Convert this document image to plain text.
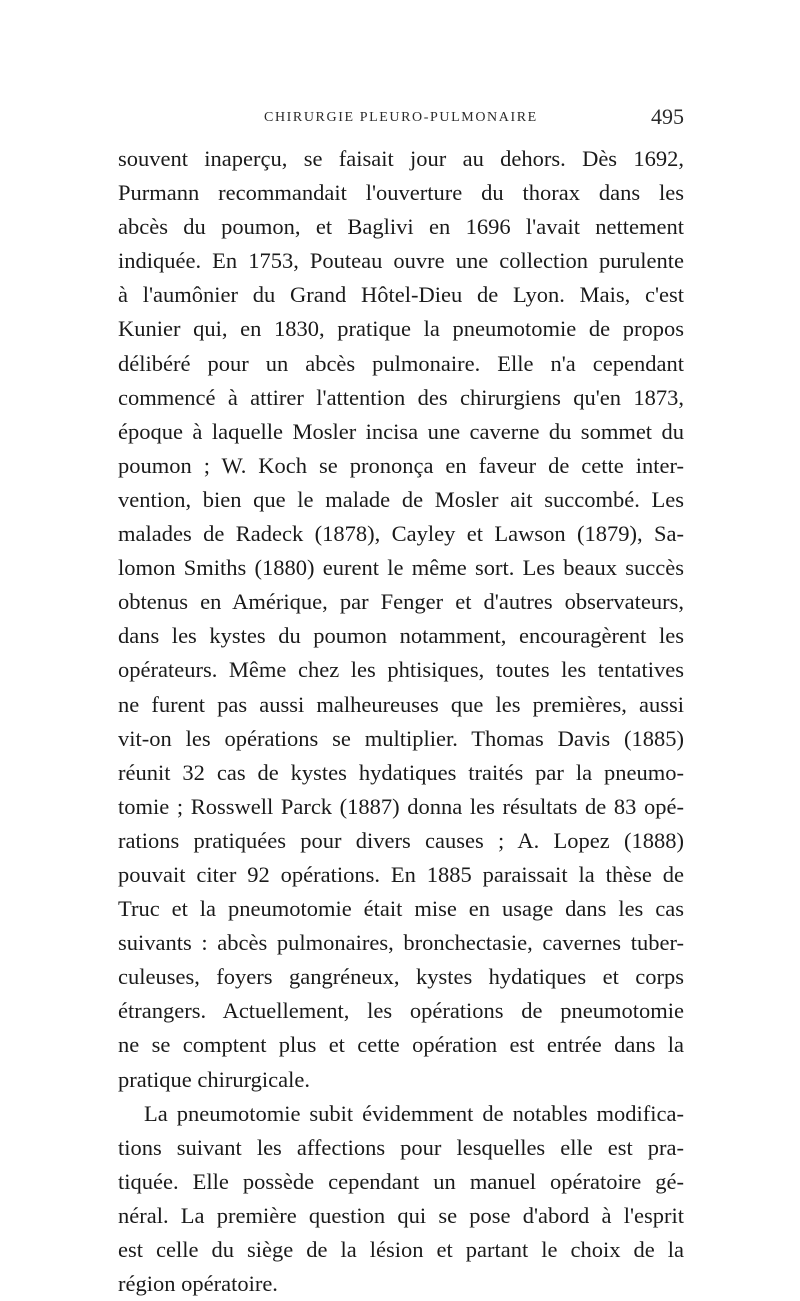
CHIRURGIE PLEURO-PULMONAIRE	495
souvent inaperçu, se faisait jour au dehors. Dès 1692,
Purmann recommandait l'ouverture du thorax dans les
abcès du poumon, et Baglivi en 1696 l'avait nettement
indiquée. En 1753, Pouteau ouvre une collection purulente
à l'aumônier du Grand Hôtel-Dieu de Lyon. Mais, c'est
Kunier qui, en 1830, pratique la pneumotomie de propos
délibéré pour un abcès pulmonaire. Elle n'a cependant
commencé à attirer l'attention des chirurgiens qu'en 1873,
époque à laquelle Mosler incisa une caverne du sommet du
poumon ; W. Koch se prononça en faveur de cette inter-
vention, bien que le malade de Mosler ait succombé. Les
malades de Radeck (1878), Cayley et Lawson (1879), Sa-
lomon Smiths (1880) eurent le même sort. Les beaux succès
obtenus en Amérique, par Fenger et d'autres observateurs,
dans les kystes du poumon notamment, encouragèrent les
opérateurs. Même chez les phtisiques, toutes les tentatives
ne furent pas aussi malheureuses que les premières, aussi
vit-on les opérations se multiplier. Thomas Davis (1885)
réunit 32 cas de kystes hydatiques traités par la pneumo-
tomie ; Rosswell Parck (1887) donna les résultats de 83 opé-
rations pratiquées pour divers causes ; A. Lopez (1888)
pouvait citer 92 opérations. En 1885 paraissait la thèse de
Truc et la pneumotomie était mise en usage dans les cas
suivants : abcès pulmonaires, bronchectasie, cavernes tuber-
culeuses, foyers gangréneux, kystes hydatiques et corps
étrangers. Actuellement, les opérations de pneumotomie
ne se comptent plus et cette opération est entrée dans la
pratique chirurgicale.
La pneumotomie subit évidemment de notables modifica-
tions suivant les affections pour lesquelles elle est pra-
tiquée. Elle possède cependant un manuel opératoire gé-
néral. La première question qui se pose d'abord à l'esprit
est celle du siège de la lésion et partant le choix de la
région opératoire.
